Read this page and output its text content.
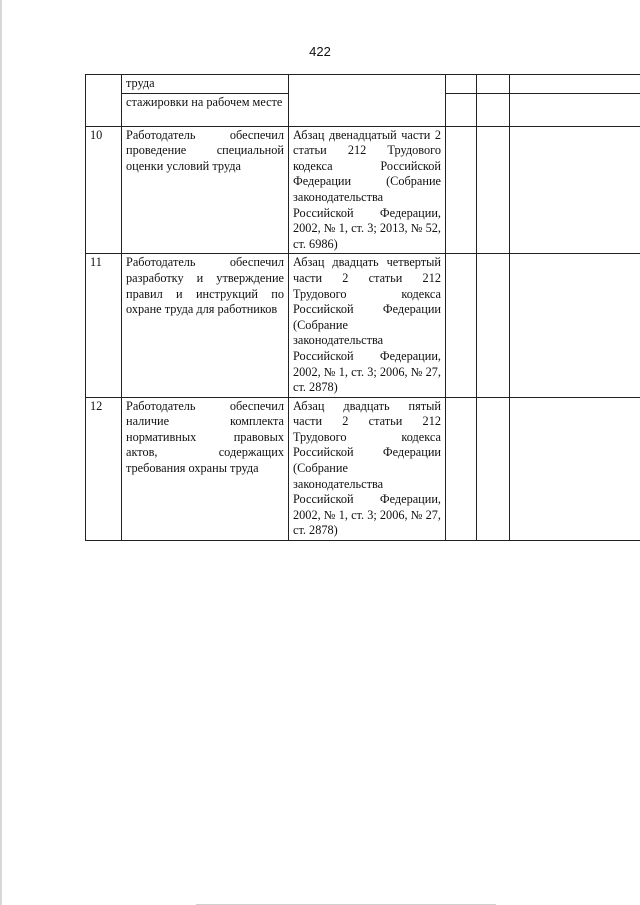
422
	труда				
	стажировки на рабочем месте				
10	Работодатель обеспечил проведение специальной оценки условий труда	Абзац двенадцатый части 2 статьи 212 Трудового кодекса Российской Федерации (Собрание законодательства Российской Федерации, 2002, № 1, ст. 3; 2013, № 52, ст. 6986)			
11	Работодатель обеспечил разработку и утверждение правил и инструкций по охране труда для работников	Абзац двадцать четвертый части 2 статьи 212 Трудового кодекса Российской Федерации (Собрание законодательства Российской Федерации, 2002, № 1, ст. 3; 2006, № 27, ст. 2878)			
12	Работодатель обеспечил наличие комплекта нормативных правовых актов, содержащих требования охраны труда	Абзац двадцать пятый части 2 статьи 212 Трудового кодекса Российской Федерации (Собрание законодательства Российской Федерации, 2002, № 1, ст. 3; 2006, № 27, ст. 2878)			
